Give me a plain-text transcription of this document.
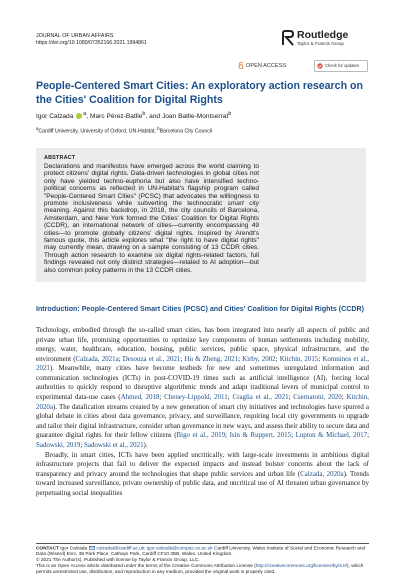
JOURNAL OF URBAN AFFAIRS
https://doi.org/10.1080/07352166.2021.1994861
Routledge
Taylor & Francis Group
OPEN ACCESS	Check for updates
People-Centered Smart Cities: An exploratory action research on the Cities' Coalition for Digital Rights
Igor Calzada $^a$, Marc Pérez-Batlle$^b$, and Joan Batlle-Montserrat$^b$
$^a$Cardiff University, University of Oxford, UN-Habitat; $^b$Barcelona City Council
ABSTRACT
Declarations and manifestos have emerged across the world claiming to protect citizens' digital rights. Data-driven technologies in global cities not only have yielded techno-euphoria but also have intensified techno-political concerns as reflected in UN-Habitat's flagship program called "People-Centered Smart Cities" (PCSC) that advocates the willingness to promote inclusiveness while subverting the technocratic smart city meaning. Against this backdrop, in 2018, the city councils of Barcelona, Amsterdam, and New York formed the Cities' Coalition for Digital Rights (CCDR), an international network of cities—currently encompassing 49 cities—to promote globally citizens' digital rights. Inspired by Arendt's famous quote, this article explores what "the right to have digital rights" may currently mean, drawing on a sample consisting of 13 CCDR cities. Through action research to examine six digital rights-related factors, full findings revealed not only distinct strategies—related to AI adoption—but also common policy patterns in the 13 CCDR cities.
Introduction: People-Centered Smart Cities (PCSC) and Cities' Coalition for Digital Rights (CCDR)

Technology, embodied through the so-called smart cities, has been integrated into nearly all aspects of public and private urban life, promising opportunities to optimize key components of human settlements including mobility, energy, water, healthcare, education, housing, public services, public space, physical infrastructure, and the environment (Calzada, 2021a; Desouza et al., 2021; Hu & Zheng, 2021; Kirby, 2002; Kitchin, 2015; Komninos et al., 2021). Meanwhile, many cities have become testbeds for new and sometimes unregulated information and communication technologies (ICTs) in post-COVID-19 times such as artificial intelligence (AI), forcing local authorities to quickly respond to disruptive algorithmic trends and adapt traditional levers of municipal control to experimental data-use cases (Ahmed, 2018; Cheney-Lippold, 2011; Craglia et al., 2021; Csernatoni, 2020; Kitchin, 2020a). The datafication streams created by a new generation of smart city initiatives and technologies have spurred a global debate in cities about data governance, privacy, and surveillance, requiring local city governments to upgrade and tailor their digital infrastructure, consider urban governance in new ways, and assess their ability to secure data and guarantee digital rights for their fellow citizens (Bigo et al., 2019; Isin & Ruppert, 2015; Lupton & Michael, 2017; Sadowski, 2019; Sadowski et al., 2021).

Broadly, in smart cities, ICTs have been applied uncritically, with large-scale investments in ambitious digital infrastructure projects that fail to deliver the expected impacts and instead bolster concerns about the lack of transparency and privacy around the technologies that shape public services and urban life (Calzada, 2020a). Trends toward increased surveillance, private ownership of public data, and uncritical use of AI threaten urban governance by perpetuating social inequalities

CONTACT Igor Calzada calzadai@cardiff.ac.uk; igor.calzada@compas.ox.ac.uk Cardiff University, Wales Institute of Social and Economic Research and Data (Wiserd) Exrc, 38 Park Place, Cathays Park, Cardiff CF10 3BB, Wales, United Kingdom.

© 2021 The Author(s). Published with license by Taylor & Francis Group, LLC.

This is an Open Access article distributed under the terms of the Creative Commons Attribution License (http://creativecommons.org/licenses/by/4.0/), which permits unrestricted use, distribution, and reproduction in any medium, provided the original work is properly cited.
